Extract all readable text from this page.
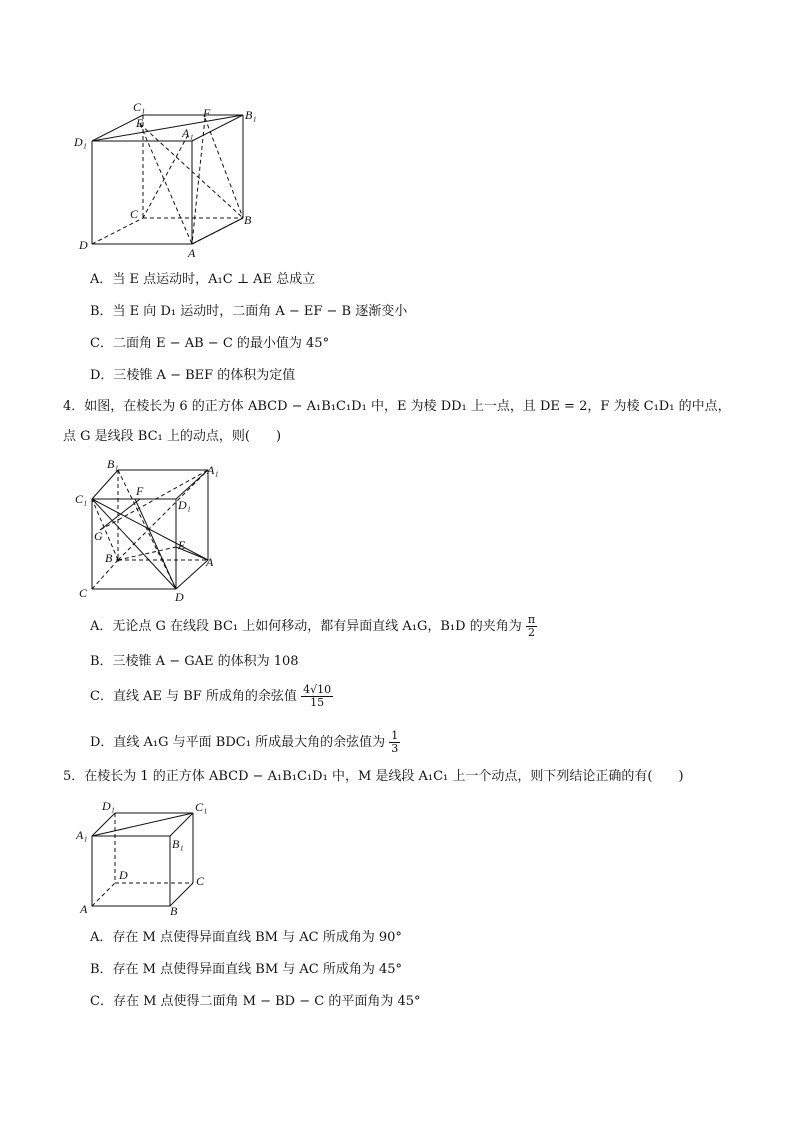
C₁
E
F	B₁
D₁
A₁
C	B
D
A
A．当 E 点运动时，A₁C ⊥ AE 总成立
B．当 E 向 D₁ 运动时，二面角 A − EF − B 逐渐变小
C．二面角 E − AB − C 的最小值为 45°
D．三棱锥 A − BEF 的体积为定值
4．如图，在棱长为 6 的正方体 ABCD − A₁B₁C₁D₁ 中，E 为棱 DD₁ 上一点，且 DE = 2，F 为棱 C₁D₁ 的中点，
点 G 是线段 BC₁ 上的动点，则(　　)
B₁	A₁
C₁
F
D₁
G
E
B	A
C	D
A．无论点 G 在线段 BC₁ 上如何移动，都有异面直线 A₁G，B₁D 的夹角为 $\frac{\pi}{2}$
B．三棱锥 A − GAE 的体积为 108
C．直线 AE 与 BF 所成角的余弦值 $\frac{4√10}{15}$
D．直线 A₁G 与平面 BDC₁ 所成最大角的余弦值为 $\frac{1}{3}$
5．在棱长为 1 的正方体 ABCD − A₁B₁C₁D₁ 中，M 是线段 A₁C₁ 上一个动点，则下列结论正确的有(　　)
D₁	C₁
A₁
B₁
D	C
A	B
A．存在 M 点使得异面直线 BM 与 AC 所成角为 90°
B．存在 M 点使得异面直线 BM 与 AC 所成角为 45°
C．存在 M 点使得二面角 M − BD − C 的平面角为 45°
